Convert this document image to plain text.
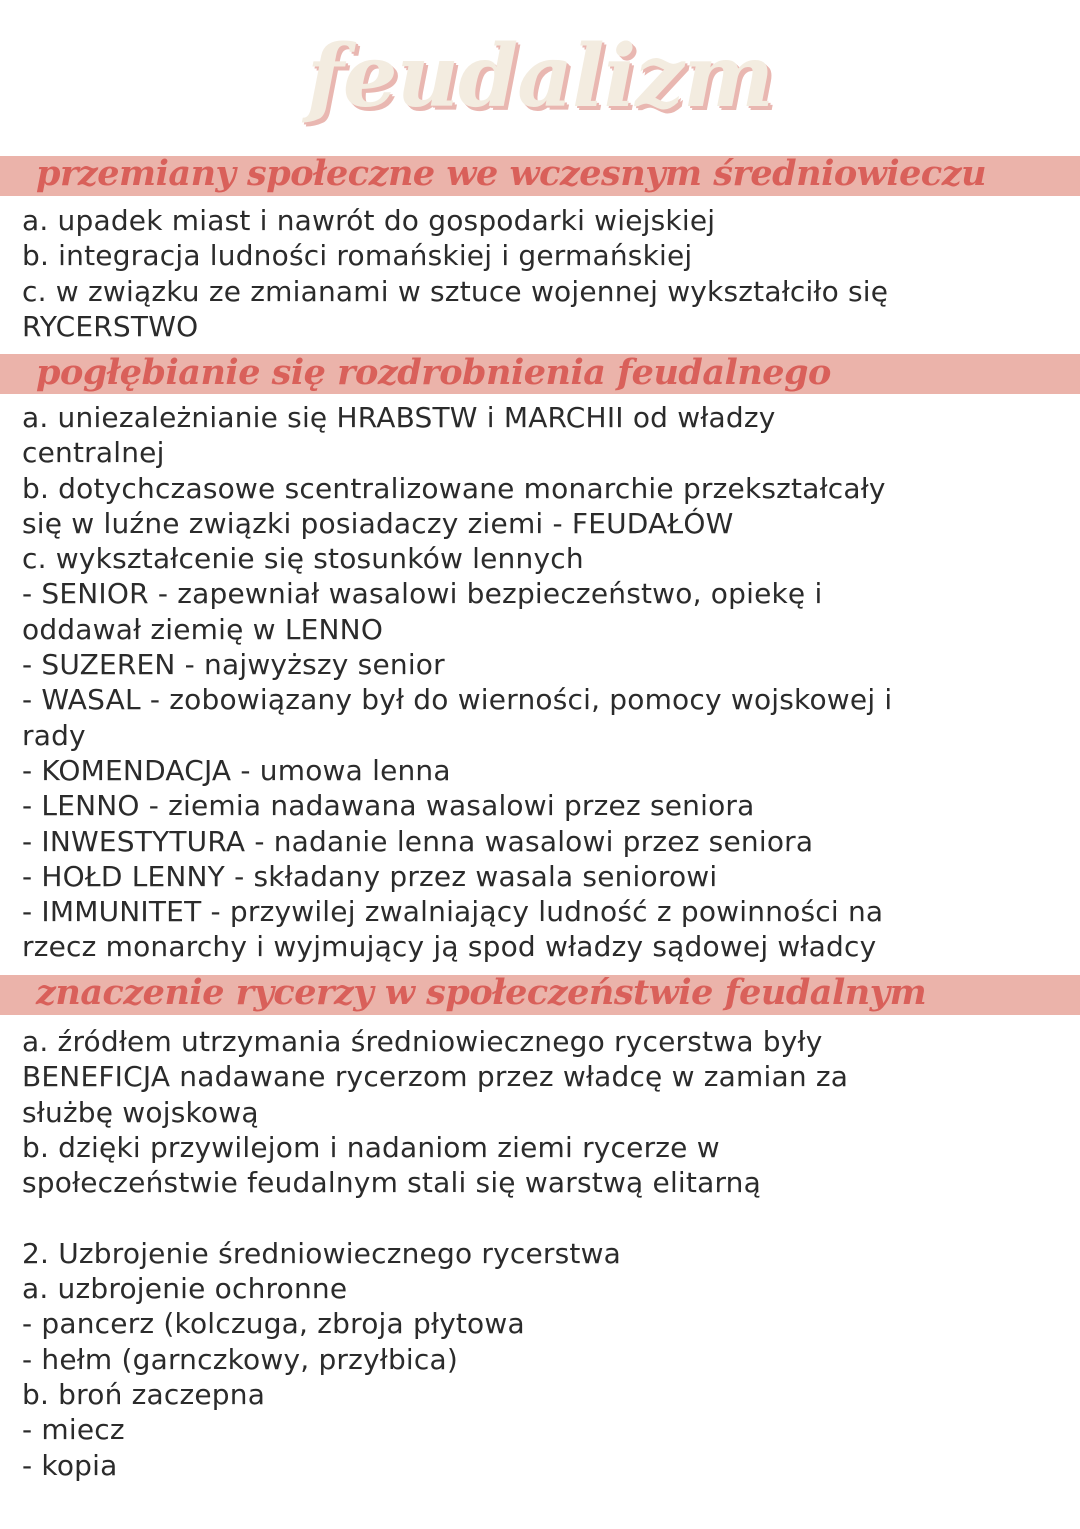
feudalizm
przemiany społeczne we wczesnym średniowieczu
a. upadek miast i nawrót do gospodarki wiejskiej
b. integracja ludności romańskiej i germańskiej
c. w związku ze zmianami w sztuce wojennej wykształciło się
RYCERSTWO
pogłębianie się rozdrobnienia feudalnego
a. uniezależnianie się HRABSTW i MARCHII od władzy
centralnej
b. dotychczasowe scentralizowane monarchie przekształcały
się w luźne związki posiadaczy ziemi - FEUDAŁÓW
c. wykształcenie się stosunków lennych
- SENIOR - zapewniał wasalowi bezpieczeństwo, opiekę i
oddawał ziemię w LENNO
- SUZEREN - najwyższy senior
- WASAL - zobowiązany był do wierności, pomocy wojskowej i
rady
- KOMENDACJA - umowa lenna
- LENNO - ziemia nadawana wasalowi przez seniora
- INWESTYTURA - nadanie lenna wasalowi przez seniora
- HOŁD LENNY - składany przez wasala seniorowi
- IMMUNITET - przywilej zwalniający ludność z powinności na
rzecz monarchy i wyjmujący ją spod władzy sądowej władcy
znaczenie rycerzy w społeczeństwie feudalnym
a. źródłem utrzymania średniowiecznego rycerstwa były
BENEFICJA nadawane rycerzom przez władcę w zamian za
służbę wojskową
b. dzięki przywilejom i nadaniom ziemi rycerze w
społeczeństwie feudalnym stali się warstwą elitarną
2. Uzbrojenie średniowiecznego rycerstwa
a. uzbrojenie ochronne
- pancerz (kolczuga, zbroja płytowa
- hełm (garnczkowy, przyłbica)
b. broń zaczepna
- miecz
- kopia
